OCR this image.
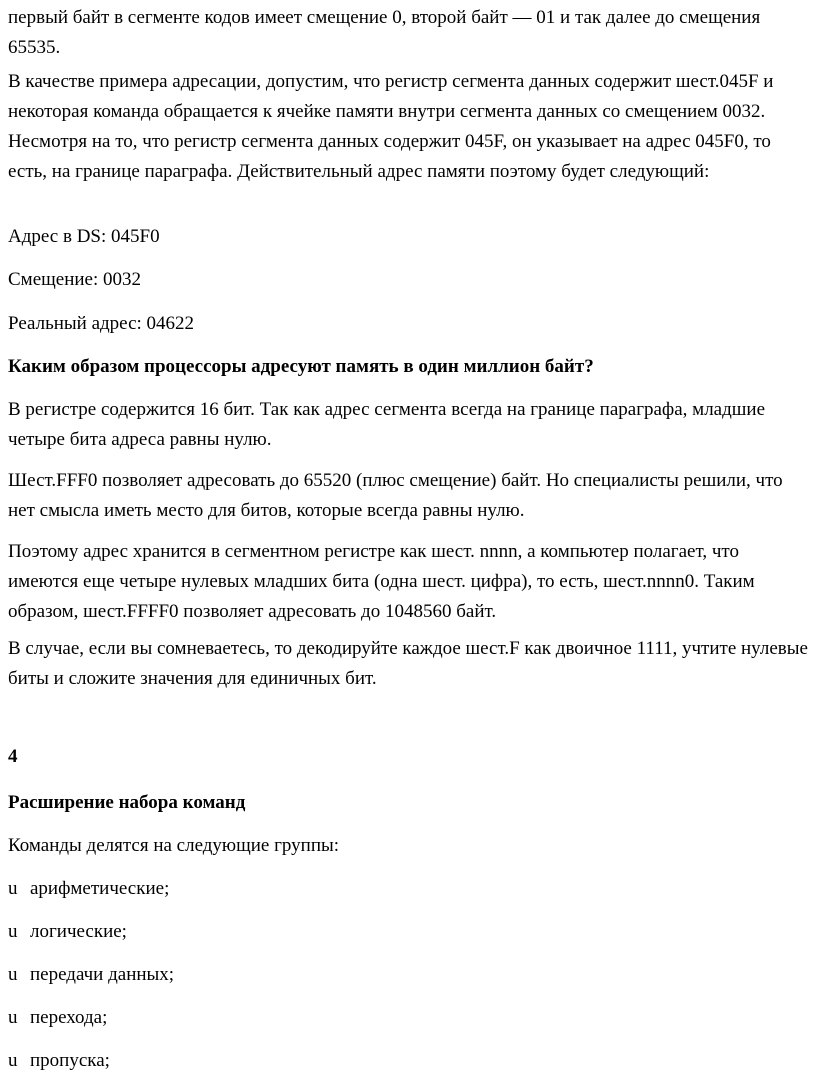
первый байт в сегменте кодов имеет смещение 0, второй байт — 01 и так далее до смещения 65535.

В качестве примера адресации, допустим, что регистр сегмента данных содержит шест.045F и некоторая команда обращается к ячейке памяти внутри сегмента данных со смещением 0032. Несмотря на то, что регистр сегмента данных содержит 045F, он указывает на адрес 045F0, то есть, на границе параграфа. Действительный адрес памяти поэтому будет следующий:

Адрес в DS: 045F0

Смещение: 0032

Реальный адрес: 04622

Каким образом процессоры адресуют память в один миллион байт?

В регистре содержится 16 бит. Так как адрес сегмента всегда на границе параграфа, младшие четыре бита адреса равны нулю.

Шест.FFF0 позволяет адресовать до 65520 (плюс смещение) байт. Но специалисты решили, что нет смысла иметь место для битов, которые всегда равны нулю.

Поэтому адрес хранится в сегментном регистре как шест. nnnn, а компьютер полагает, что имеются еще четыре нулевых младших бита (одна шест. цифра), то есть, шест.nnnn0. Таким образом, шест.FFFF0 позволяет адресовать до 1048560 байт.

В случае, если вы сомневаетесь, то декодируйте каждое шест.F как двоичное 1111, учтите нулевые биты и сложите значения для единичных бит.

4

Расширение набора команд

Команды делятся на следующие группы:

u арифметические;

u логические;

u передачи данных;

u перехода;

u пропуска;
